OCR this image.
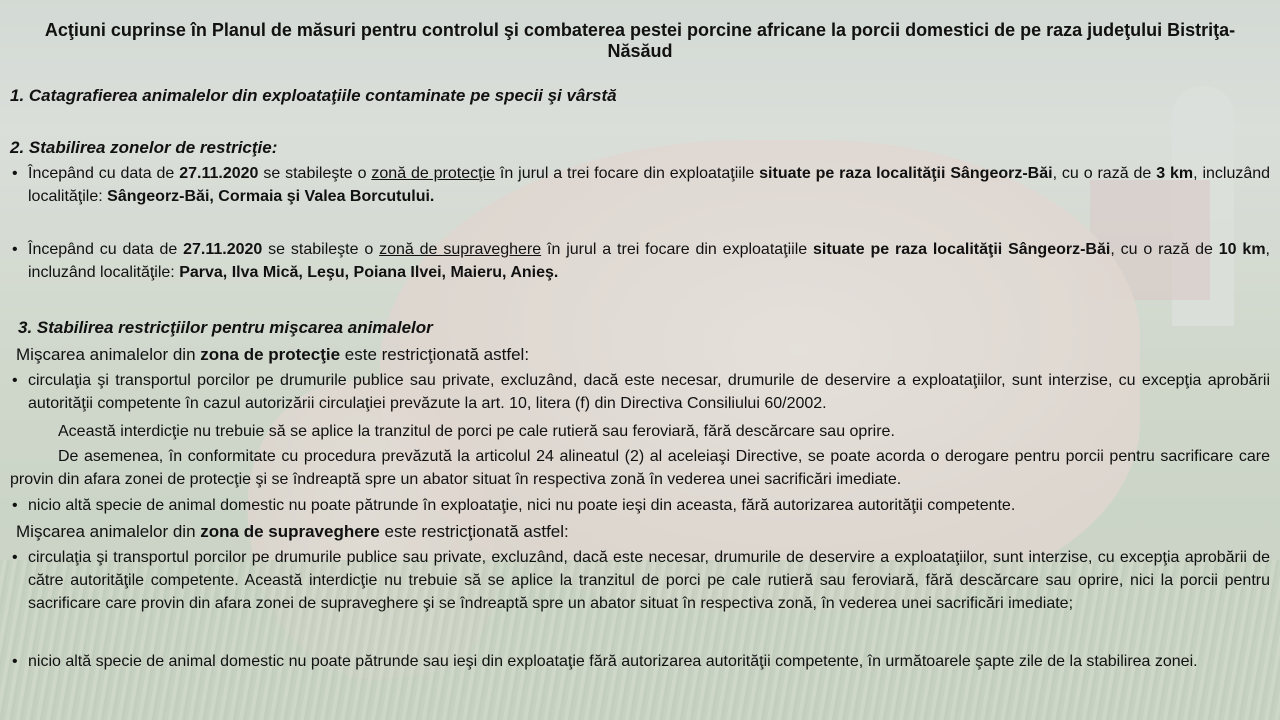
Acţiuni cuprinse în Planul de măsuri pentru controlul şi combaterea pestei porcine africane la porcii domestici de pe raza judeţului Bistriţa-Năsăud
1. Catagrafierea animalelor din exploataţiile contaminate pe specii şi vârstă
2. Stabilirea zonelor de restricţie:
• Începând cu data de 27.11.2020 se stabileşte o zonă de protecţie în jurul a trei focare din exploataţiile situate pe raza localităţii Sângeorz-Băi, cu o rază de 3 km, incluzând localităţile: Sângeorz-Băi, Cormaia şi Valea Borcutului.
• Începând cu data de 27.11.2020 se stabileşte o zonă de supraveghere în jurul a trei focare din exploataţiile situate pe raza localităţii Sângeorz-Băi, cu o rază de 10 km, incluzând localităţile: Parva, Ilva Mică, Leşu, Poiana Ilvei, Maieru, Anieş.
3. Stabilirea restricţiilor pentru mişcarea animalelor
Mişcarea animalelor din zona de protecţie este restricţionată astfel:
• circulaţia şi transportul porcilor pe drumurile publice sau private, excluzând, dacă este necesar, drumurile de deservire a exploataţiilor, sunt interzise, cu excepţia aprobării autorităţii competente în cazul autorizării circulaţiei prevăzute la art. 10, litera (f) din Directiva Consiliului 60/2002.
Această interdicţie nu trebuie să se aplice la tranzitul de porci pe cale rutieră sau feroviară, fără descărcare sau oprire.
De asemenea, în conformitate cu procedura prevăzută la articolul 24 alineatul (2) al aceleiaşi Directive, se poate acorda o derogare pentru porcii pentru sacrificare care provin din afara zonei de protecţie şi se îndreaptă spre un abator situat în respectiva zonă în vederea unei sacrificări imediate.
• nicio altă specie de animal domestic nu poate pătrunde în exploataţie, nici nu poate ieşi din aceasta, fără autorizarea autorităţii competente.
Mişcarea animalelor din zona de supraveghere este restricţionată astfel:
• circulaţia şi transportul porcilor pe drumurile publice sau private, excluzând, dacă este necesar, drumurile de deservire a exploataţiilor, sunt interzise, cu excepţia aprobării de către autorităţile competente. Această interdicţie nu trebuie să se aplice la tranzitul de porci pe cale rutieră sau feroviară, fără descărcare sau oprire, nici la porcii pentru sacrificare care provin din afara zonei de supraveghere şi se îndreaptă spre un abator situat în respectiva zonă, în vederea unei sacrificări imediate;
• nicio altă specie de animal domestic nu poate pătrunde sau ieşi din exploataţie fără autorizarea autorităţii competente, în următoarele şapte zile de la stabilirea zonei.
